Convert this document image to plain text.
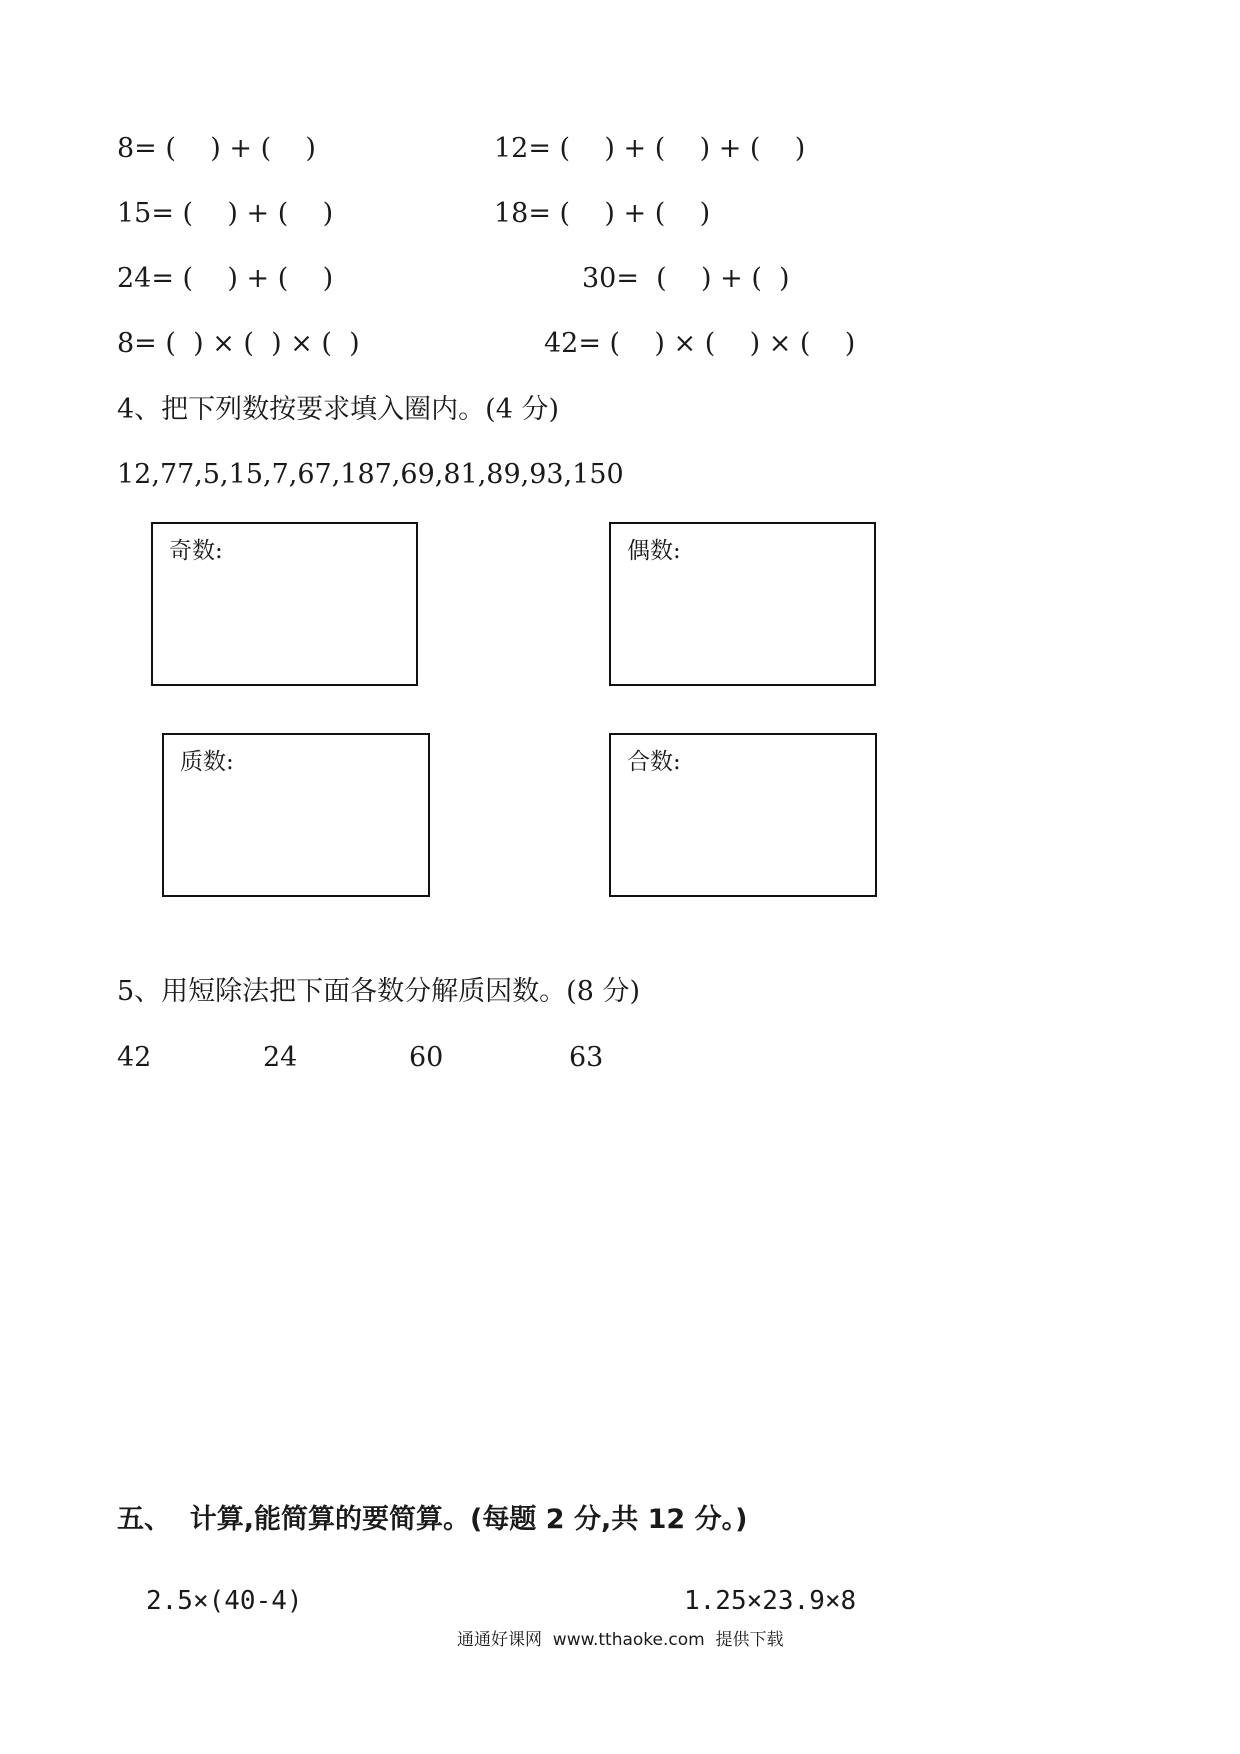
8= (    ) + (    )	12= (    ) + (    ) + (    )
15= (    ) + (    )	18= (    ) + (    )
24= (    ) + (    )	30=  (    ) + (  )
8= (  ) × (  ) × (  )	42= (    ) × (    ) × (    )
4、把下列数按要求填入圈内。(4 分)
12,77,5,15,7,67,187,69,81,89,93,150
奇数:	偶数:
质数:	合数:
5、用短除法把下面各数分解质因数。(8 分)
42	24	60	63
五、  计算,能简算的要简算。(每题 2 分,共 12 分。)
2.5×(40-4)	1.25×23.9×8
通通好课网  www.tthaoke.com  提供下载
